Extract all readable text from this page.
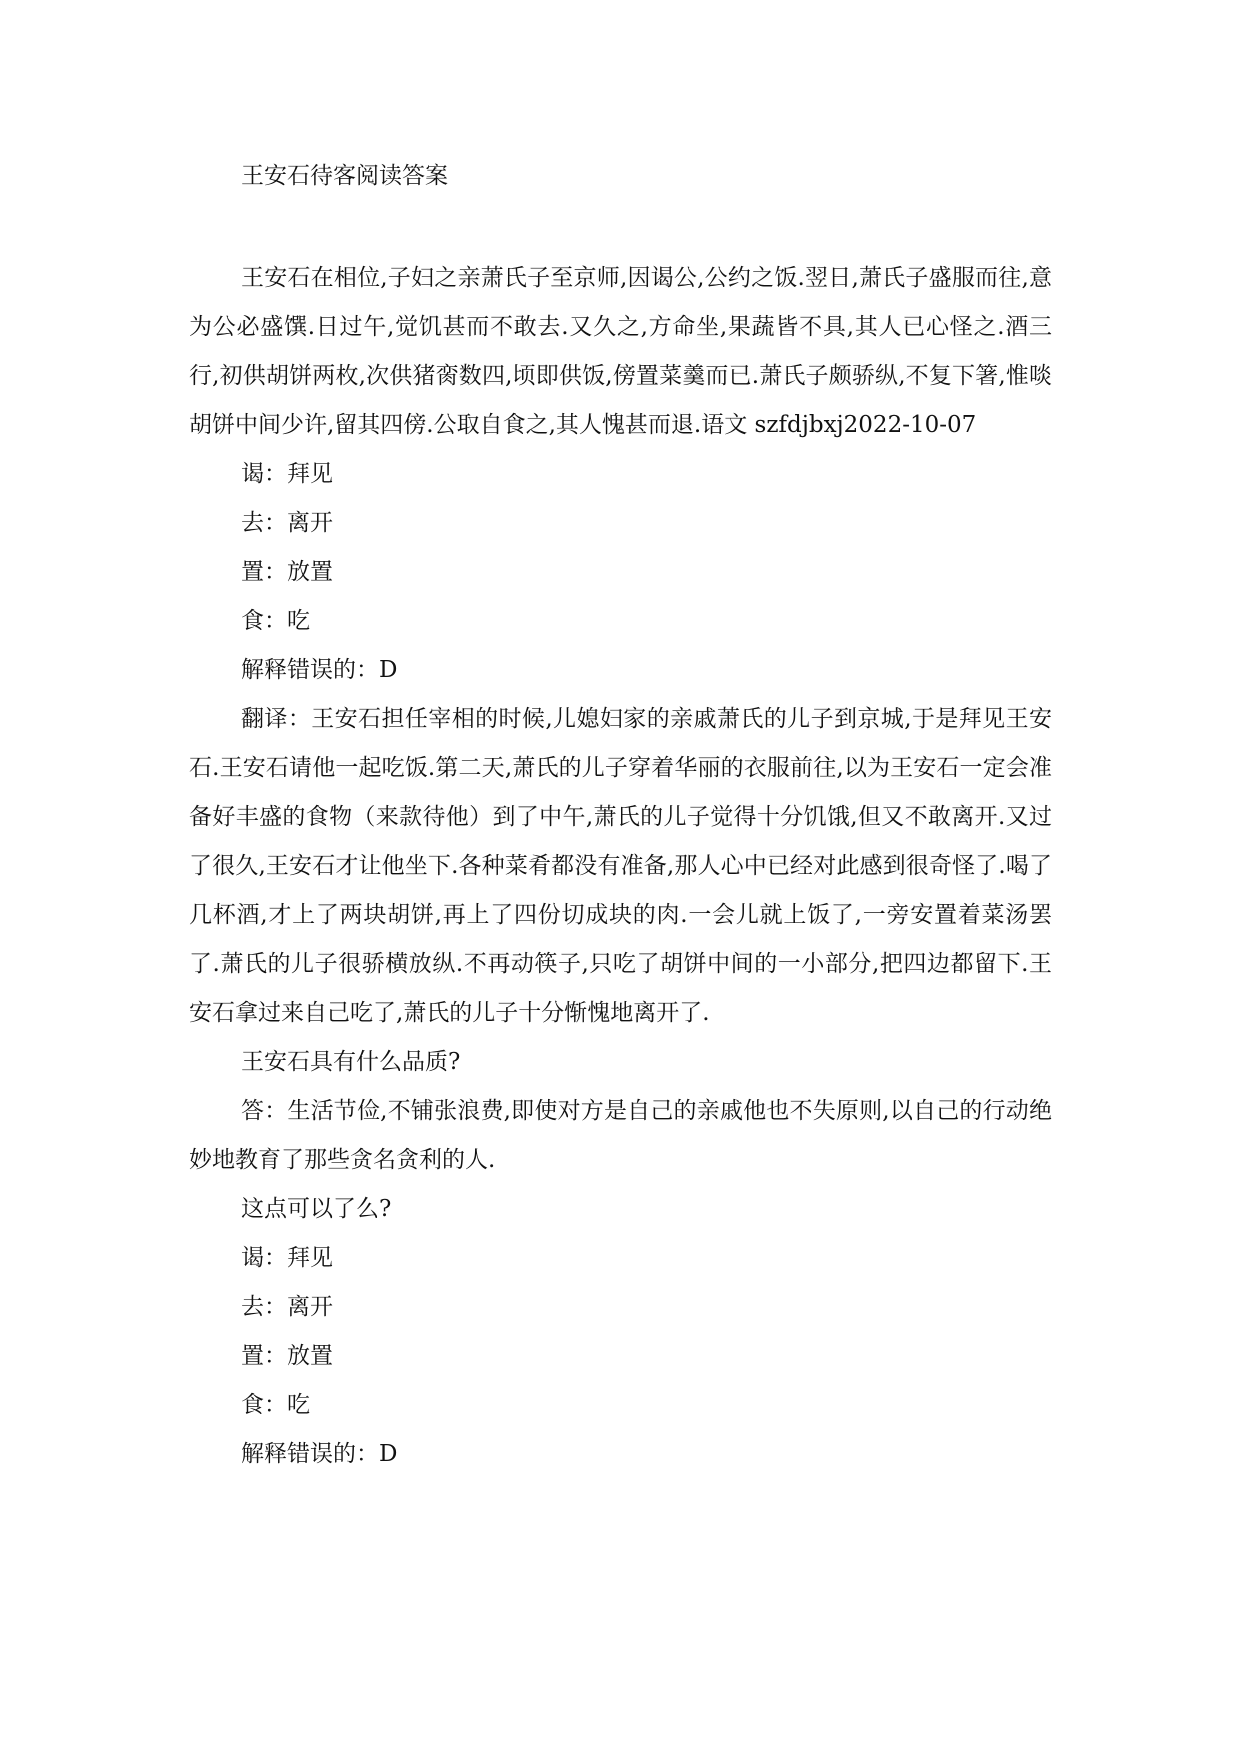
王安石待客阅读答案

王安石在相位,子妇之亲萧氏子至京师,因谒公,公约之饭.翌日,萧氏子盛服而往,意为公必盛馔.日过午,觉饥甚而不敢去.又久之,方命坐,果蔬皆不具,其人已心怪之.酒三行,初供胡饼两枚,次供猪脔数四,顷即供饭,傍置菜羹而已.萧氏子颇骄纵,不复下箸,惟啖胡饼中间少许,留其四傍.公取自食之,其人愧甚而退.语文 szfdjbxj2022-10-07

谒：拜见

去：离开

置：放置

食：吃

解释错误的：D

翻译：王安石担任宰相的时候,儿媳妇家的亲戚萧氏的儿子到京城,于是拜见王安石.王安石请他一起吃饭.第二天,萧氏的儿子穿着华丽的衣服前往,以为王安石一定会准备好丰盛的食物（来款待他）到了中午,萧氏的儿子觉得十分饥饿,但又不敢离开.又过了很久,王安石才让他坐下.各种菜肴都没有准备,那人心中已经对此感到很奇怪了.喝了几杯酒,才上了两块胡饼,再上了四份切成块的肉.一会儿就上饭了,一旁安置着菜汤罢了.萧氏的儿子很骄横放纵.不再动筷子,只吃了胡饼中间的一小部分,把四边都留下.王安石拿过来自己吃了,萧氏的儿子十分惭愧地离开了.

王安石具有什么品质?

答：生活节俭,不铺张浪费,即使对方是自己的亲戚他也不失原则,以自己的行动绝妙地教育了那些贪名贪利的人.

这点可以了么?

谒：拜见

去：离开

置：放置

食：吃

解释错误的：D
